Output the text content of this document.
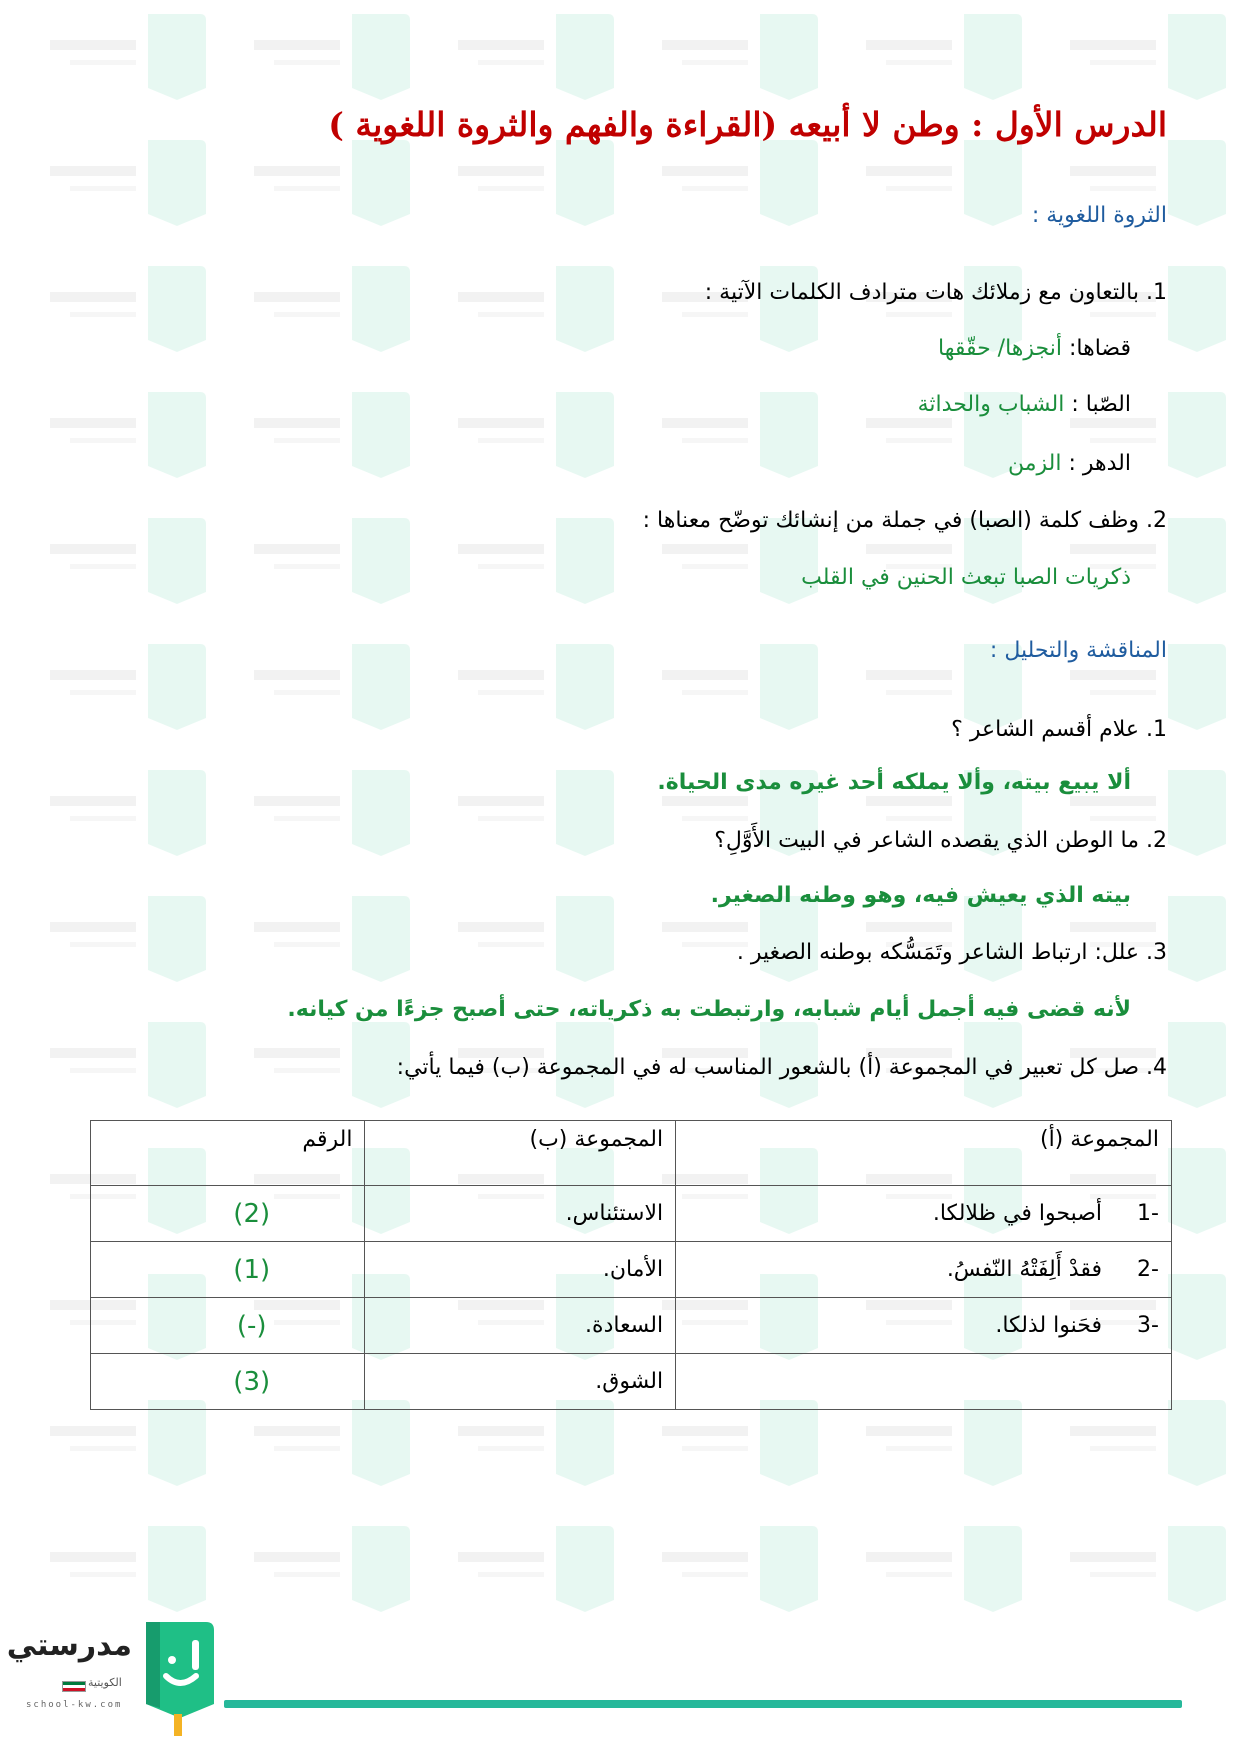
الدرس الأول : وطن لا أبيعه (القراءة والفهم والثروة اللغوية )
الثروة اللغوية :
1. بالتعاون مع زملائك هات مترادف الكلمات الآتية :
قضاها: أنجزها/ حقّقها
الصّبا : الشباب والحداثة
الدهر : الزمن
2. وظف كلمة (الصبا) في جملة من إنشائك توضّح معناها :
ذكريات الصبا تبعث الحنين في القلب
المناقشة والتحليل :
1. علام أقسم الشاعر ؟
ألا يبيع بيته، وألا يملكه أحد غيره مدى الحياة.
2. ما الوطن الذي يقصده الشاعر في البيت الأَوَّلِ؟
بيته الذي يعيش فيه، وهو وطنه الصغير.
3. علل: ارتباط الشاعر وتَمَسُّكه بوطنه الصغير .
لأنه قضى فيه أجمل أيام شبابه، وارتبطت به ذكرياته، حتى أصبح جزءًا من كيانه.
4. صل كل تعبير في المجموعة (أ) بالشعور المناسب له في المجموعة (ب) فيما يأتي:
المجموعة (أ)	المجموعة (ب)	الرقم
-1 أصبحوا في ظلالكا.	الاستئناس.	(2)
-2 فقدْ أَلِفَتْهُ النّفسُ.	الأمان.	(1)
-3 فحَنوا لذلكا.	السعادة.	(-)
	الشوق.	(3)
مدرستي
الكويتية
school-kw.com
